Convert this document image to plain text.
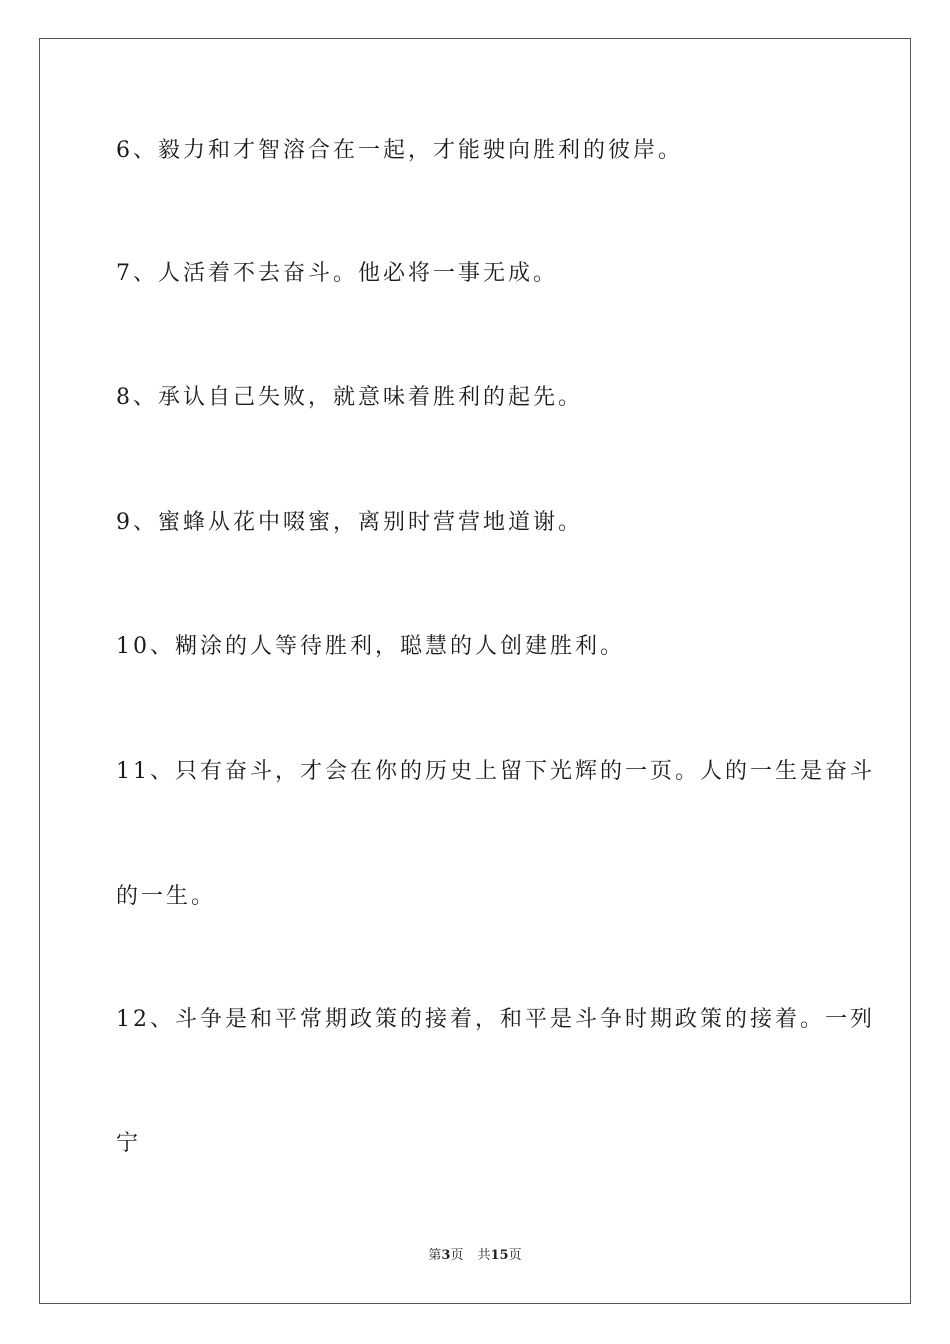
6、毅力和才智溶合在一起，才能驶向胜利的彼岸。
7、人活着不去奋斗。他必将一事无成。
8、承认自己失败，就意味着胜利的起先。
9、蜜蜂从花中啜蜜，离别时营营地道谢。
10、糊涂的人等待胜利，聪慧的人创建胜利。
11、只有奋斗，才会在你的历史上留下光辉的一页。人的一生是奋斗
的一生。
12、斗争是和平常期政策的接着，和平是斗争时期政策的接着。一列
宁
第3页 共15页
